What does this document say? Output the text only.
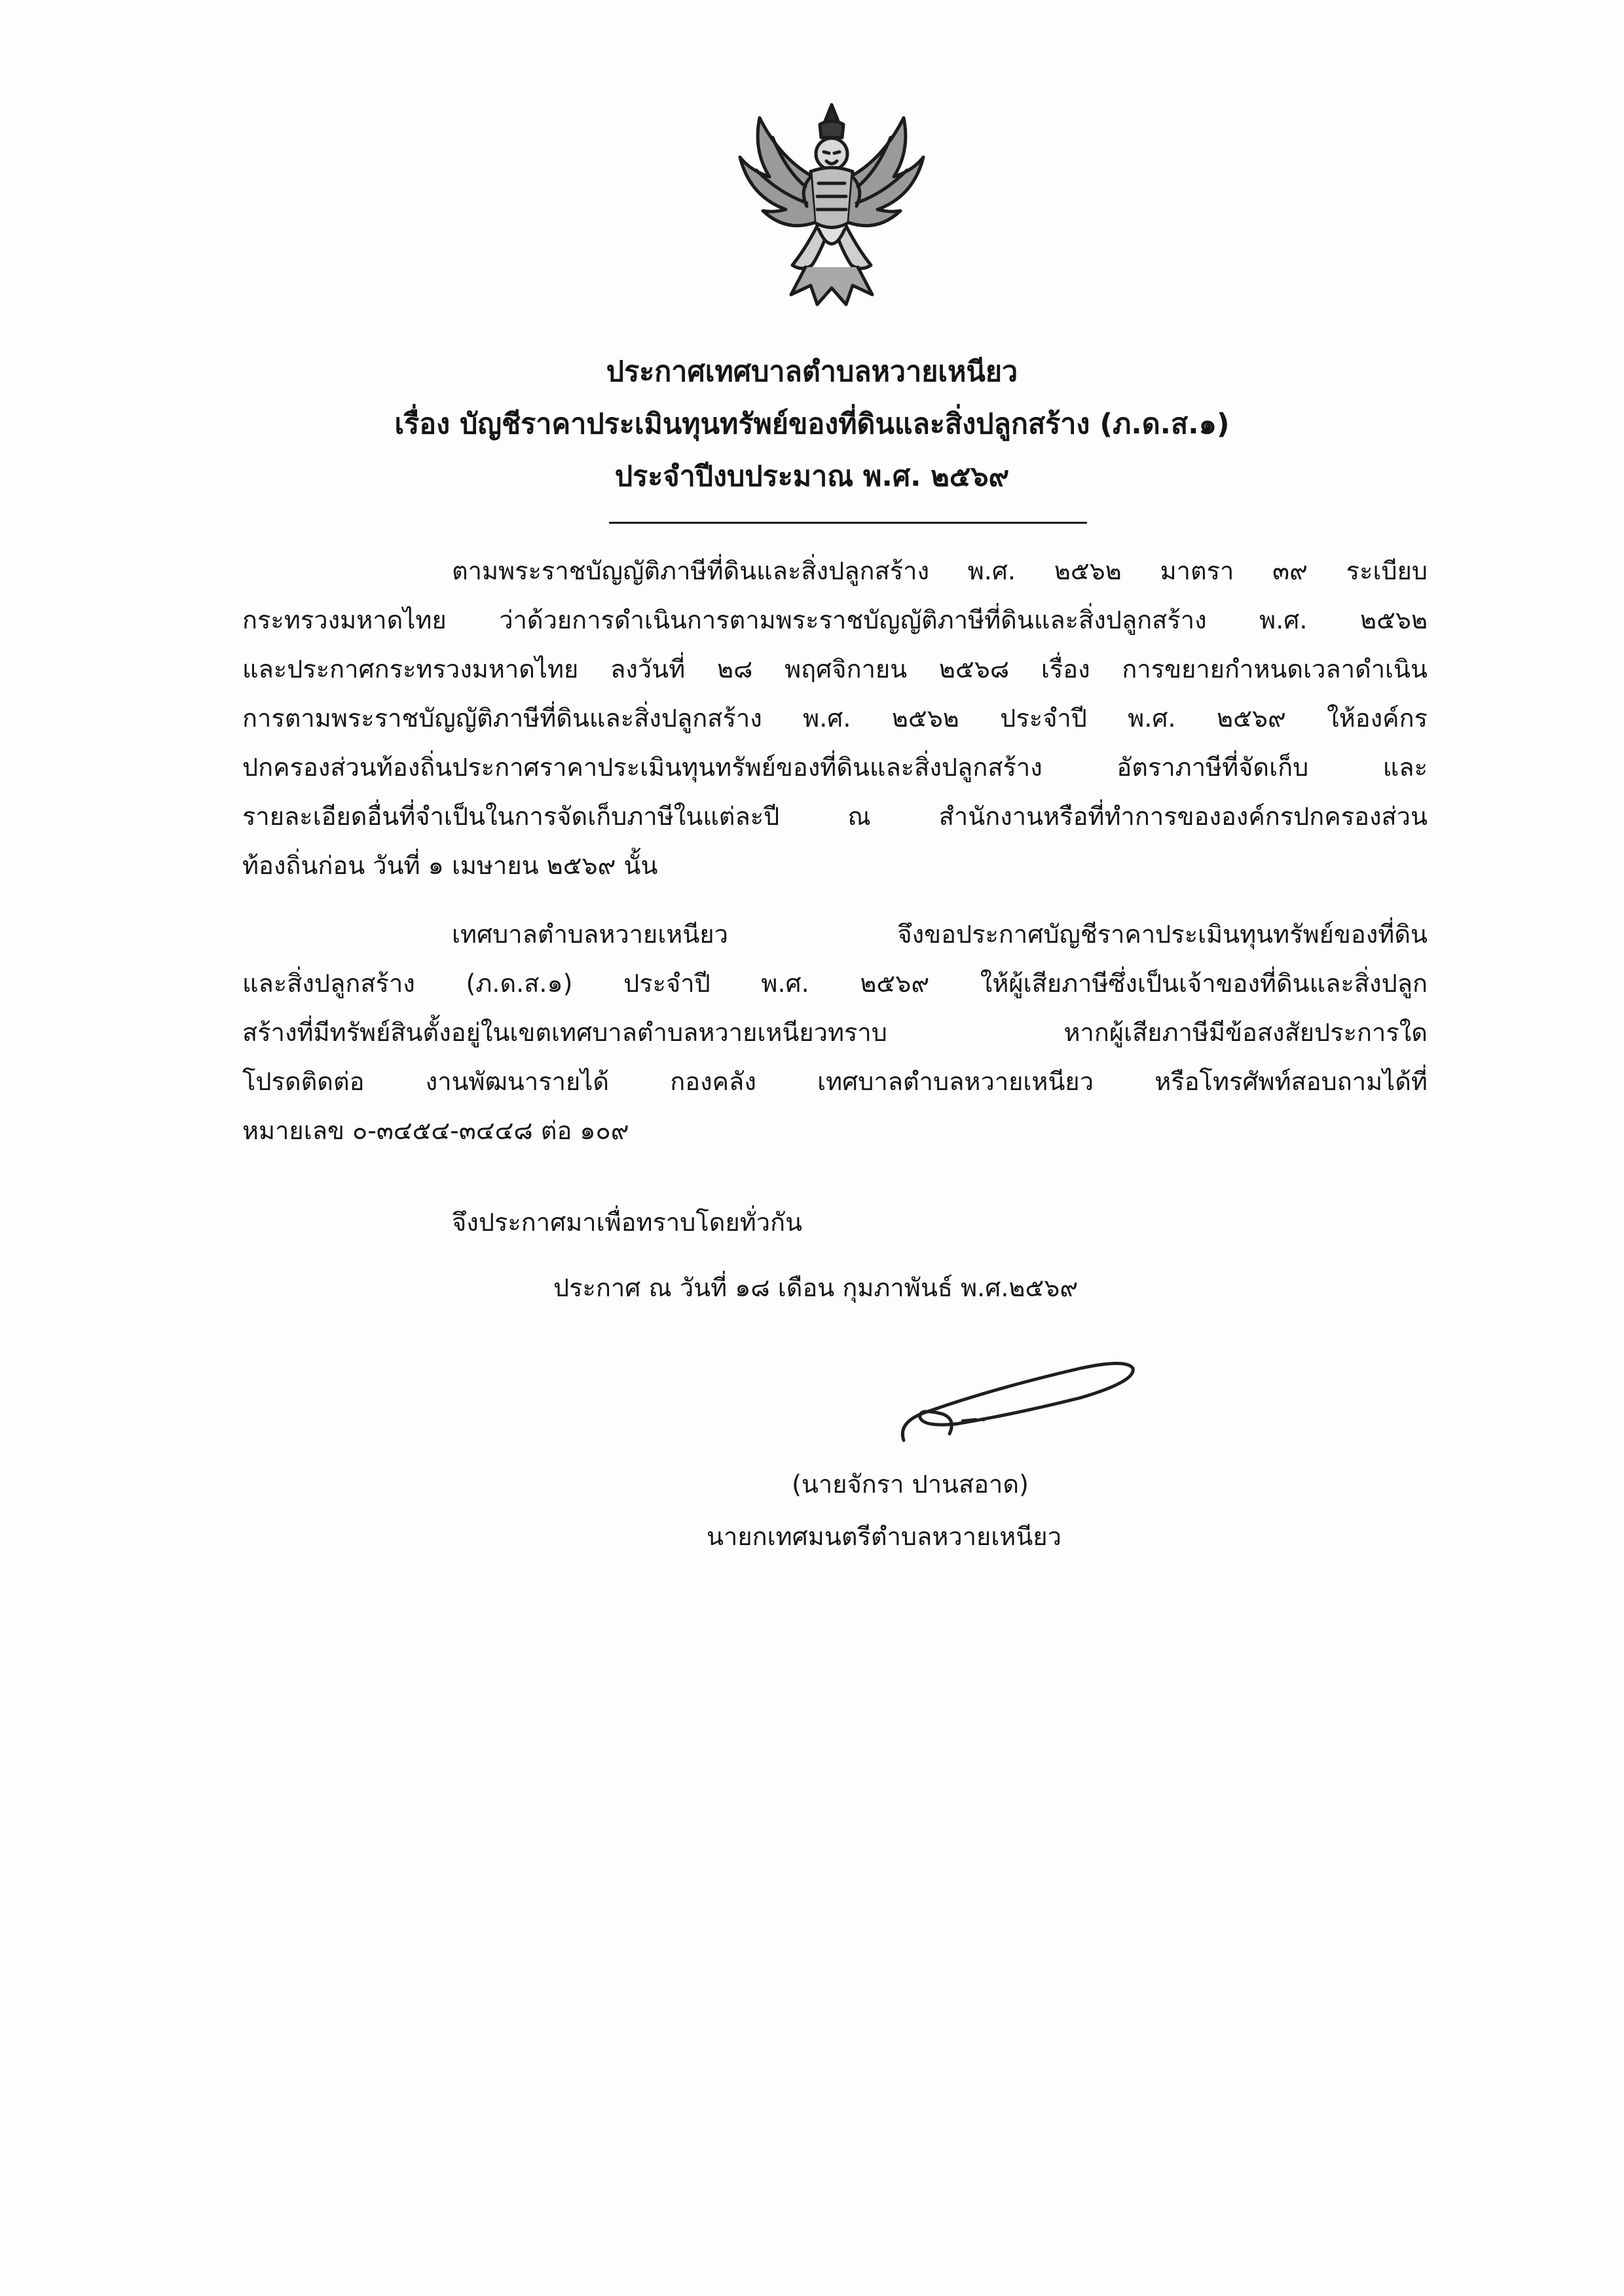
ประกาศเทศบาลตำบลหวายเหนียว
เรื่อง บัญชีราคาประเมินทุนทรัพย์ของที่ดินและสิ่งปลูกสร้าง (ภ.ด.ส.๑)
ประจำปีงบประมาณ พ.ศ. ๒๕๖๙
ตามพระราชบัญญัติภาษีที่ดินและสิ่งปลูกสร้าง พ.ศ. ๒๕๖๒ มาตรา ๓๙ ระเบียบ
กระทรวงมหาดไทย ว่าด้วยการดำเนินการตามพระราชบัญญัติภาษีที่ดินและสิ่งปลูกสร้าง พ.ศ. ๒๕๖๒
และประกาศกระทรวงมหาดไทย ลงวันที่ ๒๘ พฤศจิกายน ๒๕๖๘ เรื่อง การขยายกำหนดเวลาดำเนิน
การตามพระราชบัญญัติภาษีที่ดินและสิ่งปลูกสร้าง พ.ศ. ๒๕๖๒ ประจำปี พ.ศ. ๒๕๖๙ ให้องค์กร
ปกครองส่วนท้องถิ่นประกาศราคาประเมินทุนทรัพย์ของที่ดินและสิ่งปลูกสร้าง อัตราภาษีที่จัดเก็บ และ
รายละเอียดอื่นที่จำเป็นในการจัดเก็บภาษีในแต่ละปี ณ สำนักงานหรือที่ทำการขององค์กรปกครองส่วน
ท้องถิ่นก่อน วันที่ ๑ เมษายน ๒๕๖๙ นั้น
เทศบาลตำบลหวายเหนียว จึงขอประกาศบัญชีราคาประเมินทุนทรัพย์ของที่ดิน
และสิ่งปลูกสร้าง (ภ.ด.ส.๑) ประจำปี พ.ศ. ๒๕๖๙ ให้ผู้เสียภาษีซึ่งเป็นเจ้าของที่ดินและสิ่งปลูก
สร้างที่มีทรัพย์สินตั้งอยู่ในเขตเทศบาลตำบลหวายเหนียวทราบ หากผู้เสียภาษีมีข้อสงสัยประการใด
โปรดติดต่อ งานพัฒนารายได้ กองคลัง เทศบาลตำบลหวายเหนียว หรือโทรศัพท์สอบถามได้ที่
หมายเลข ๐-๓๔๕๔-๓๔๔๘ ต่อ ๑๐๙
จึงประกาศมาเพื่อทราบโดยทั่วกัน
ประกาศ ณ วันที่ ๑๘ เดือน กุมภาพันธ์ พ.ศ.๒๕๖๙
(นายจักรา ปานสอาด)
นายกเทศมนตรีตำบลหวายเหนียว
